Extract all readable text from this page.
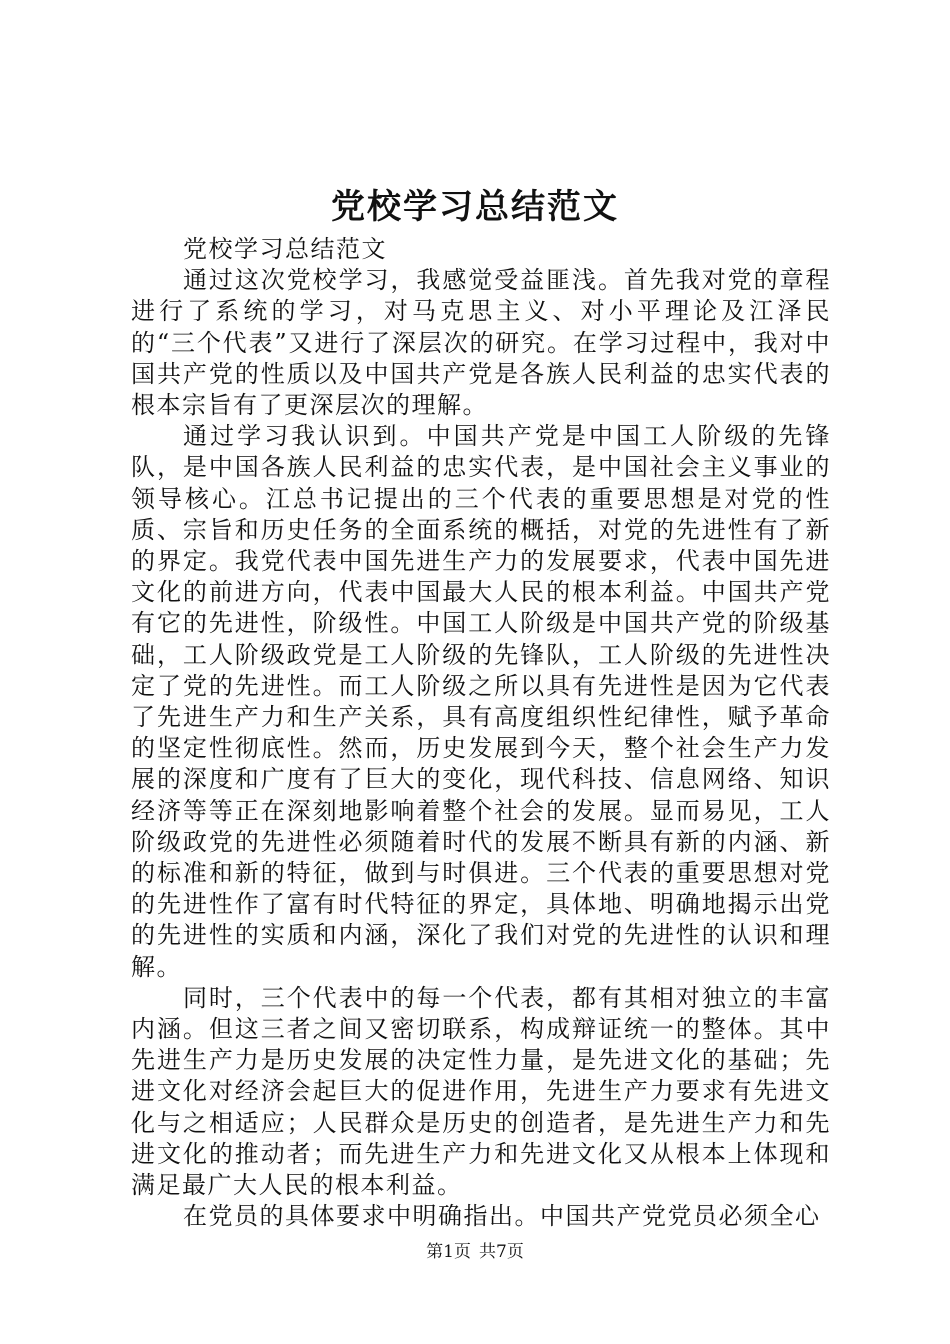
党校学习总结范文

党校学习总结范文

通过这次党校学习，我感觉受益匪浅。首先我对党的章程进行了系统的学习，对马克思主义、对小平理论及江泽民的“三个代表”又进行了深层次的研究。在学习过程中，我对中国共产党的性质以及中国共产党是各族人民利益的忠实代表的根本宗旨有了更深层次的理解。

通过学习我认识到。中国共产党是中国工人阶级的先锋队，是中国各族人民利益的忠实代表，是中国社会主义事业的领导核心。江总书记提出的三个代表的重要思想是对党的性质、宗旨和历史任务的全面系统的概括，对党的先进性有了新的界定。我党代表中国先进生产力的发展要求，代表中国先进文化的前进方向，代表中国最大人民的根本利益。中国共产党有它的先进性，阶级性。中国工人阶级是中国共产党的阶级基础，工人阶级政党是工人阶级的先锋队，工人阶级的先进性决定了党的先进性。而工人阶级之所以具有先进性是因为它代表了先进生产力和生产关系，具有高度组织性纪律性，赋予革命的坚定性彻底性。然而，历史发展到今天，整个社会生产力发展的深度和广度有了巨大的变化，现代科技、信息网络、知识经济等等正在深刻地影响着整个社会的发展。显而易见，工人阶级政党的先进性必须随着时代的发展不断具有新的内涵、新的标准和新的特征，做到与时俱进。三个代表的重要思想对党的先进性作了富有时代特征的界定，具体地、明确地揭示出党的先进性的实质和内涵，深化了我们对党的先进性的认识和理解。

同时，三个代表中的每一个代表，都有其相对独立的丰富内涵。但这三者之间又密切联系，构成辩证统一的整体。其中先进生产力是历史发展的决定性力量，是先进文化的基础；先进文化对经济会起巨大的促进作用，先进生产力要求有先进文化与之相适应；人民群众是历史的创造者，是先进生产力和先进文化的推动者；而先进生产力和先进文化又从根本上体现和满足最广大人民的根本利益。

在党员的具体要求中明确指出。中国共产党党员必须全心

第1页 共7页
